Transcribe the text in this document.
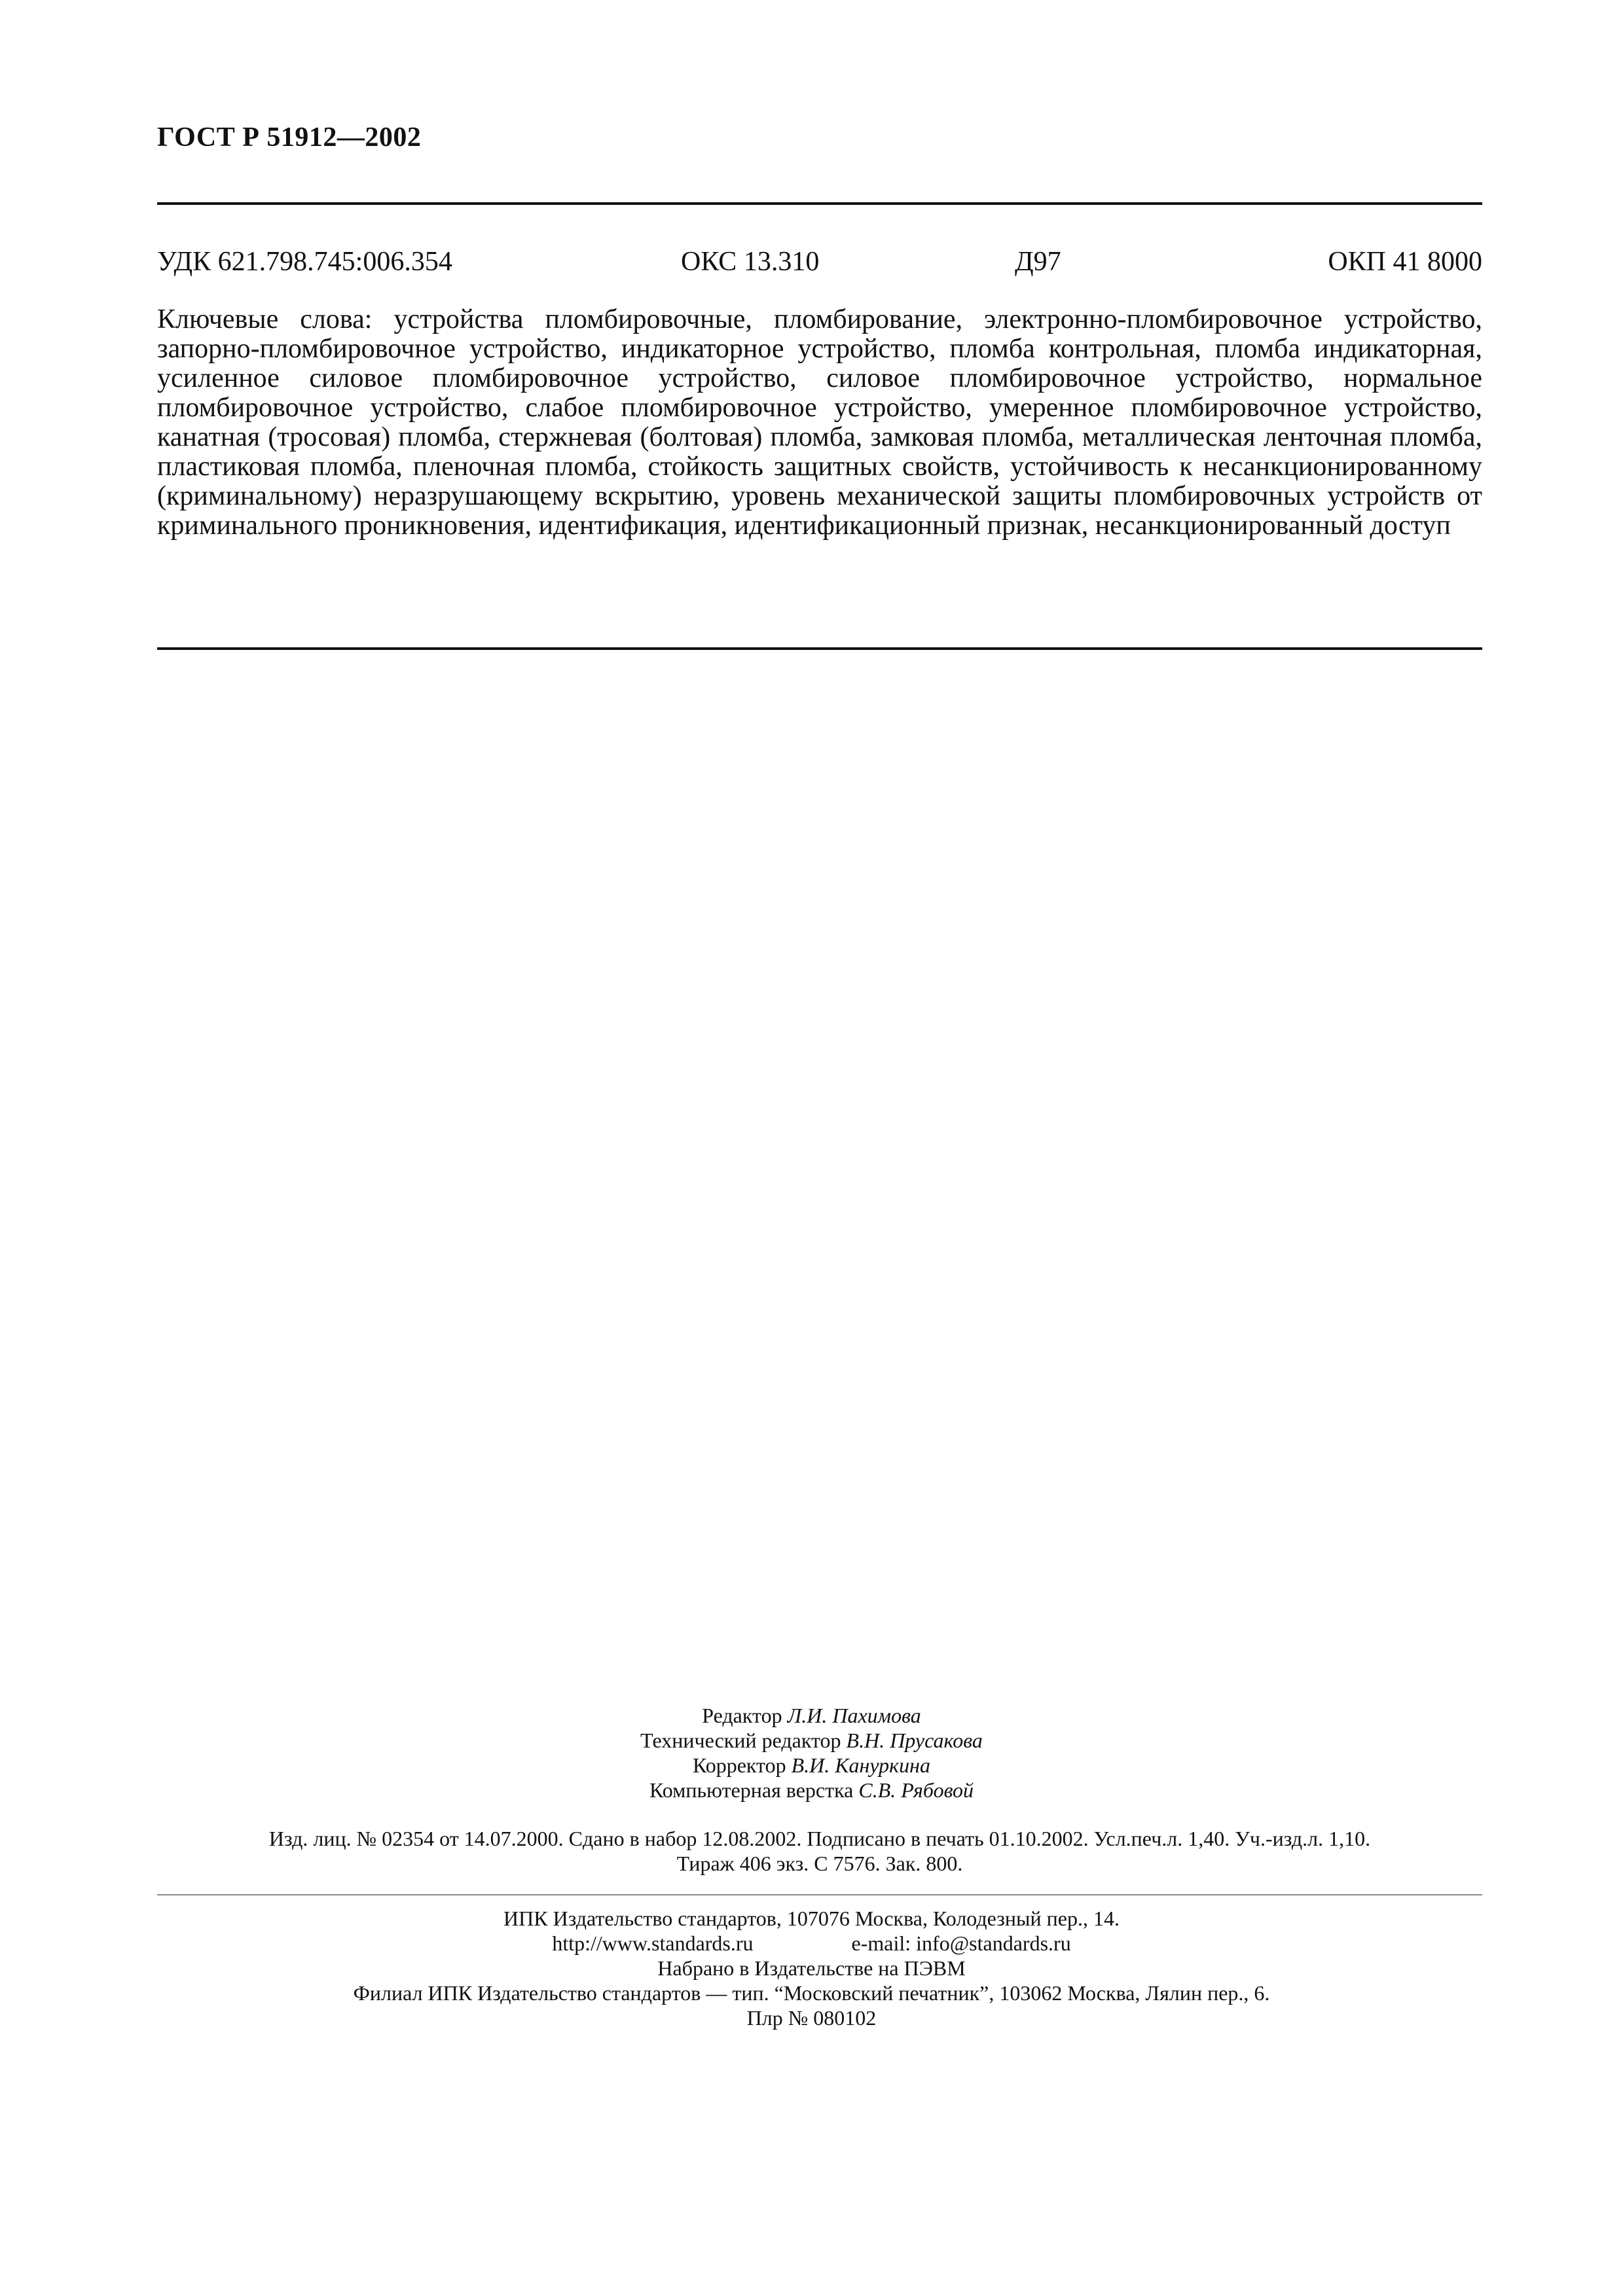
ГОСТ Р 51912—2002
УДК 621.798.745:006.354	ОКС 13.310	Д97	ОКП 41 8000
Ключевые слова: устройства пломбировочные, пломбирование, электронно-пломбировочное устройство, запорно-пломбировочное устройство, индикаторное устройство, пломба контрольная, пломба индикаторная, усиленное силовое пломбировочное устройство, силовое пломбировочное устройство, нормальное пломбировочное устройство, слабое пломбировочное устройство, умеренное пломбировочное устройство, канатная (тросовая) пломба, стержневая (болтовая) пломба, замковая пломба, металлическая ленточная пломба, пластиковая пломба, пленочная пломба, стойкость защитных свойств, устойчивость к несанкционированному (криминальному) неразрушающему вскрытию, уровень механической защиты пломбировочных устройств от криминального проникновения, идентификация, идентификационный признак, несанкционированный доступ
Редактор Л.И. Пахимова
Технический редактор В.Н. Прусакова
Корректор В.И. Кануркина
Компьютерная верстка С.В. Рябовой
Изд. лиц. № 02354 от 14.07.2000. Сдано в набор 12.08.2002. Подписано в печать 01.10.2002. Усл.печ.л. 1,40. Уч.-изд.л. 1,10.
Тираж 406 экз. С 7576. Зак. 800.
ИПК Издательство стандартов, 107076 Москва, Колодезный пер., 14.
http://www.standards.ru	e-mail: info@standards.ru
Набрано в Издательстве на ПЭВМ
Филиал ИПК Издательство стандартов — тип. “Московский печатник”, 103062 Москва, Лялин пер., 6.
Плр № 080102
